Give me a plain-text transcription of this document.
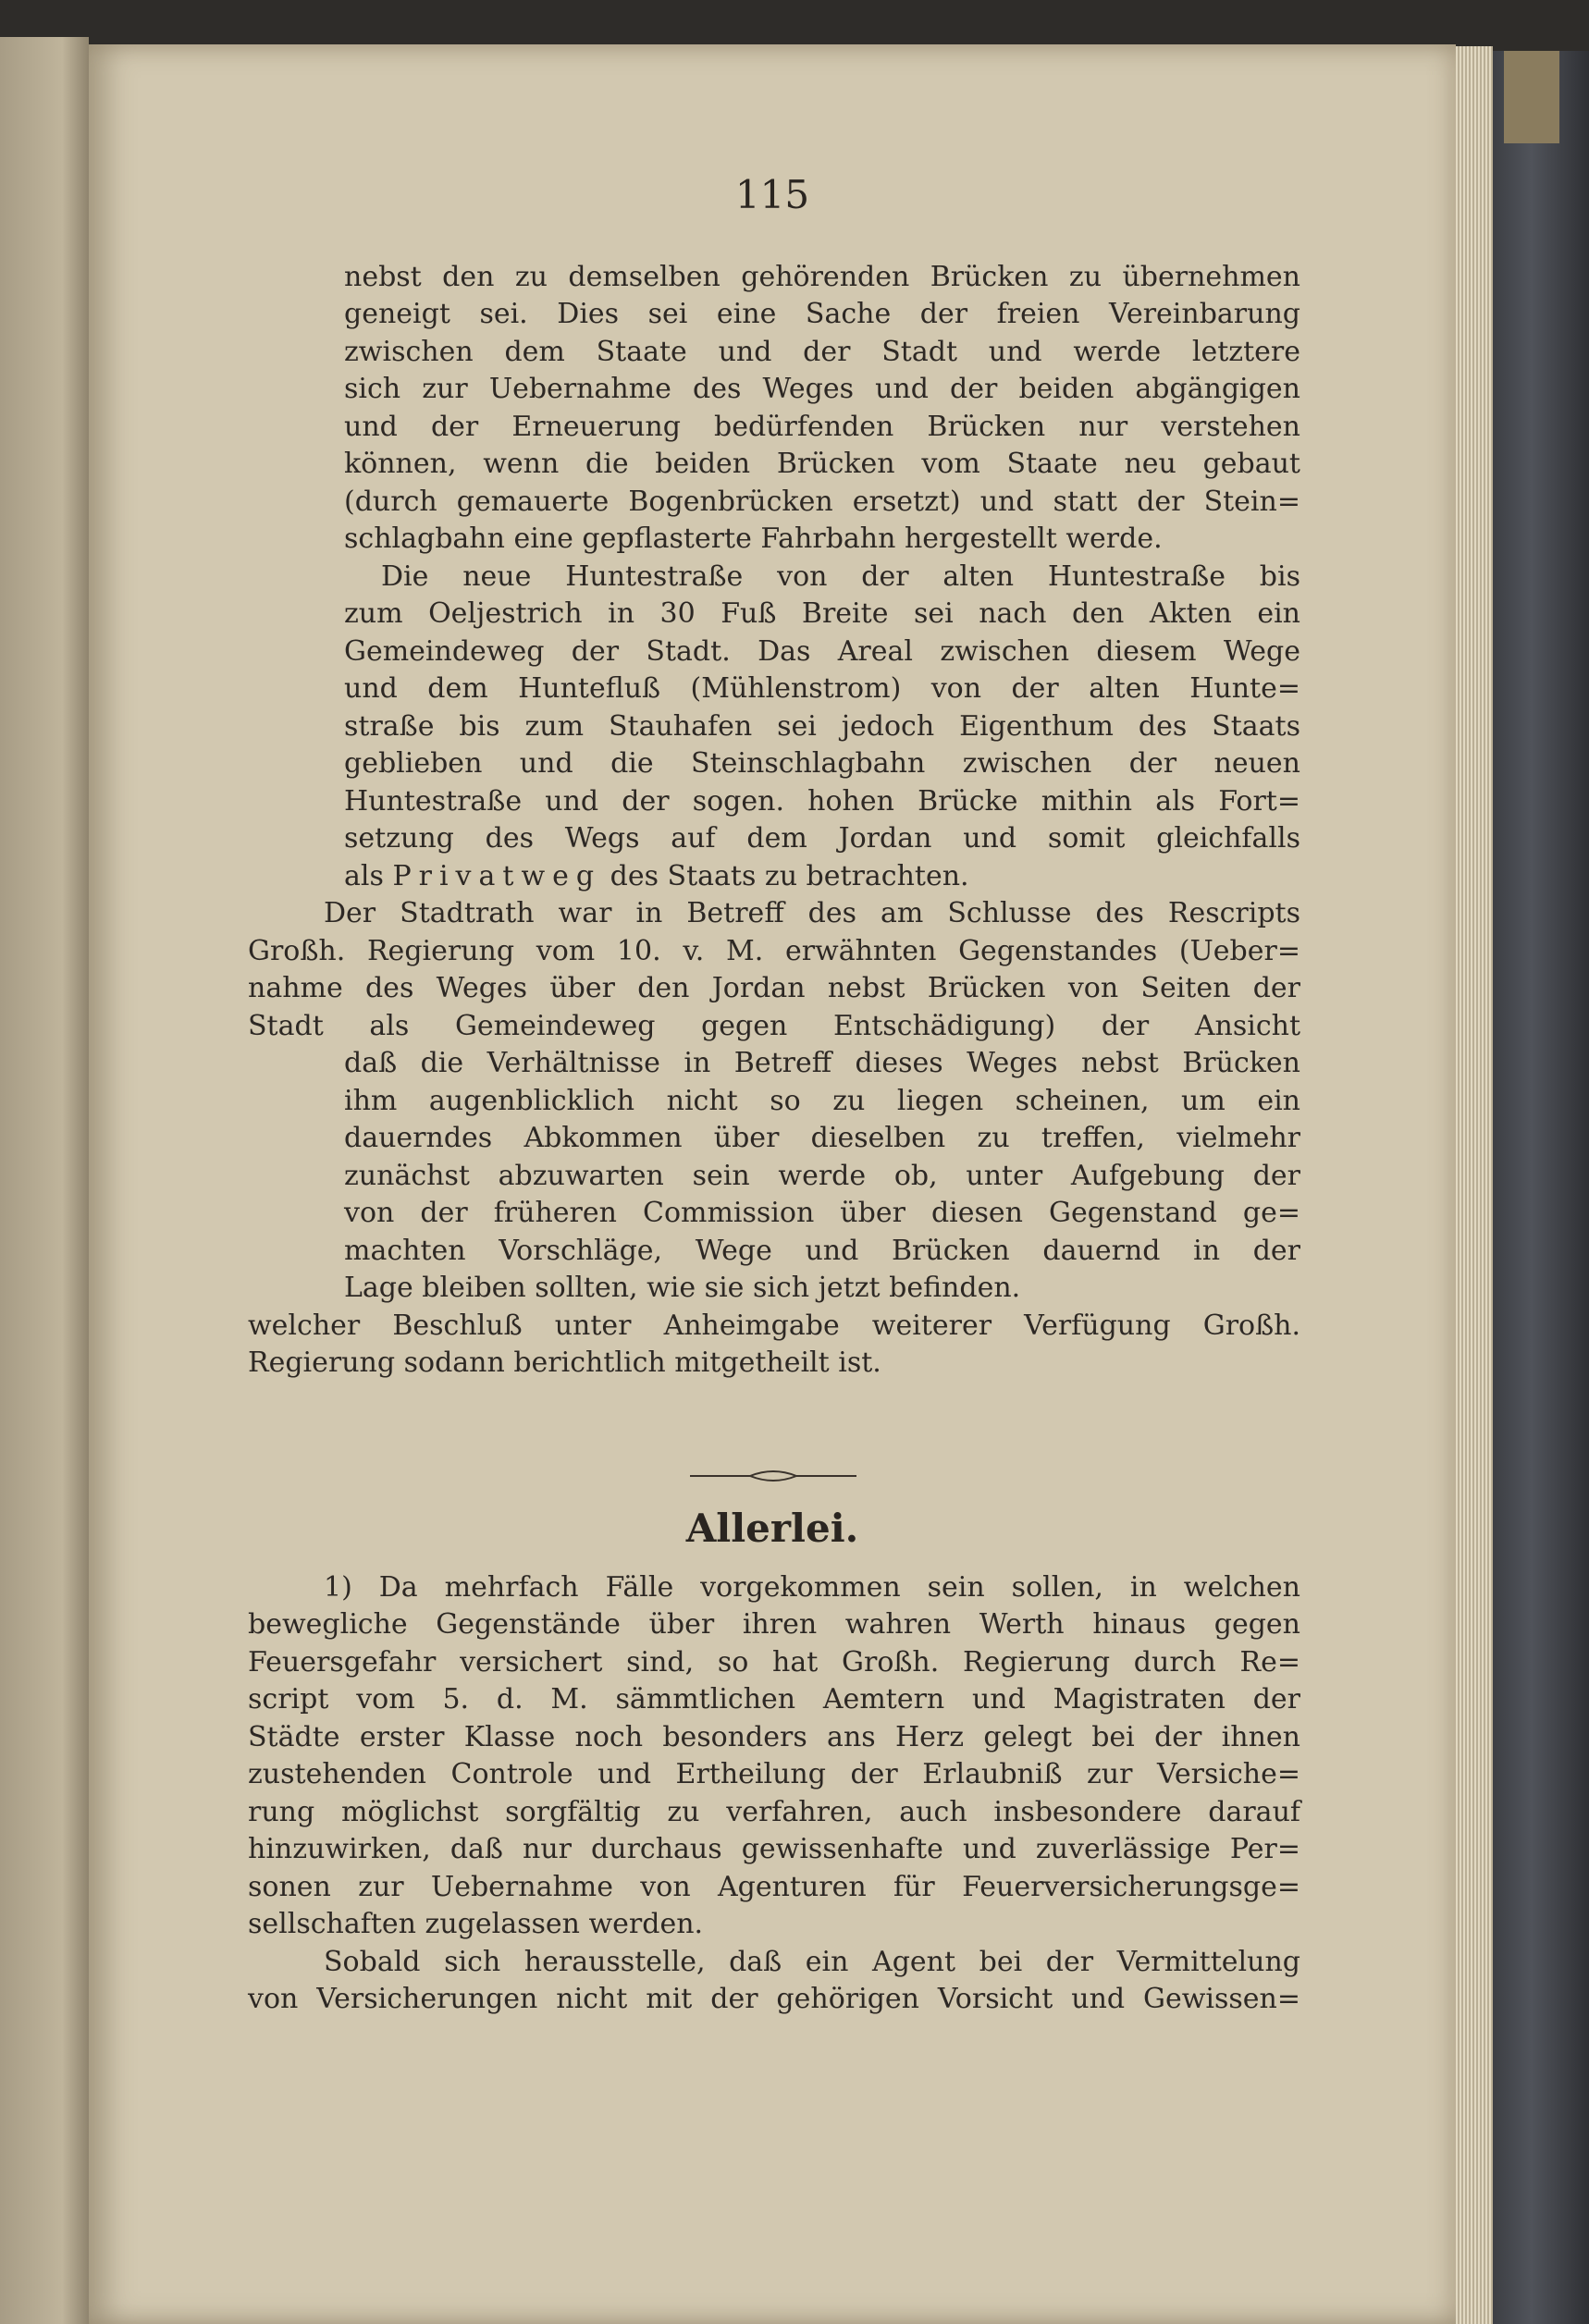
115

nebst den zu demselben gehörenden Brücken zu übernehmen

geneigt sei. Dies sei eine Sache der freien Vereinbarung

zwischen dem Staate und der Stadt und werde letztere

sich zur Uebernahme des Weges und der beiden abgängigen

und der Erneuerung bedürfenden Brücken nur verstehen

können, wenn die beiden Brücken vom Staate neu gebaut

(durch gemauerte Bogenbrücken ersetzt) und statt der Stein=

schlagbahn eine gepflasterte Fahrbahn hergestellt werde.

Die neue Huntestraße von der alten Huntestraße bis

zum Oeljestrich in 30 Fuß Breite sei nach den Akten ein

Gemeindeweg der Stadt. Das Areal zwischen diesem Wege

und dem Huntefluß (Mühlenstrom) von der alten Hunte=

straße bis zum Stauhafen sei jedoch Eigenthum des Staats

geblieben und die Steinschlagbahn zwischen der neuen

Huntestraße und der sogen. hohen Brücke mithin als Fort=

setzung des Wegs auf dem Jordan und somit gleichfalls

als Privatweg des Staats zu betrachten.

Der Stadtrath war in Betreff des am Schlusse des Rescripts

Großh. Regierung vom 10. v. M. erwähnten Gegenstandes (Ueber=

nahme des Weges über den Jordan nebst Brücken von Seiten der

Stadt als Gemeindeweg gegen Entschädigung) der Ansicht

daß die Verhältnisse in Betreff dieses Weges nebst Brücken

ihm augenblicklich nicht so zu liegen scheinen, um ein

dauerndes Abkommen über dieselben zu treffen, vielmehr

zunächst abzuwarten sein werde ob, unter Aufgebung der

von der früheren Commission über diesen Gegenstand ge=

machten Vorschläge, Wege und Brücken dauernd in der

Lage bleiben sollten, wie sie sich jetzt befinden.

welcher Beschluß unter Anheimgabe weiterer Verfügung Großh.

Regierung sodann berichtlich mitgetheilt ist.

Allerlei.

1) Da mehrfach Fälle vorgekommen sein sollen, in welchen

bewegliche Gegenstände über ihren wahren Werth hinaus gegen

Feuersgefahr versichert sind, so hat Großh. Regierung durch Re=

script vom 5. d. M. sämmtlichen Aemtern und Magistraten der

Städte erster Klasse noch besonders ans Herz gelegt bei der ihnen

zustehenden Controle und Ertheilung der Erlaubniß zur Versiche=

rung möglichst sorgfältig zu verfahren, auch insbesondere darauf

hinzuwirken, daß nur durchaus gewissenhafte und zuverlässige Per=

sonen zur Uebernahme von Agenturen für Feuerversicherungsge=

sellschaften zugelassen werden.

Sobald sich herausstelle, daß ein Agent bei der Vermittelung

von Versicherungen nicht mit der gehörigen Vorsicht und Gewissen=
